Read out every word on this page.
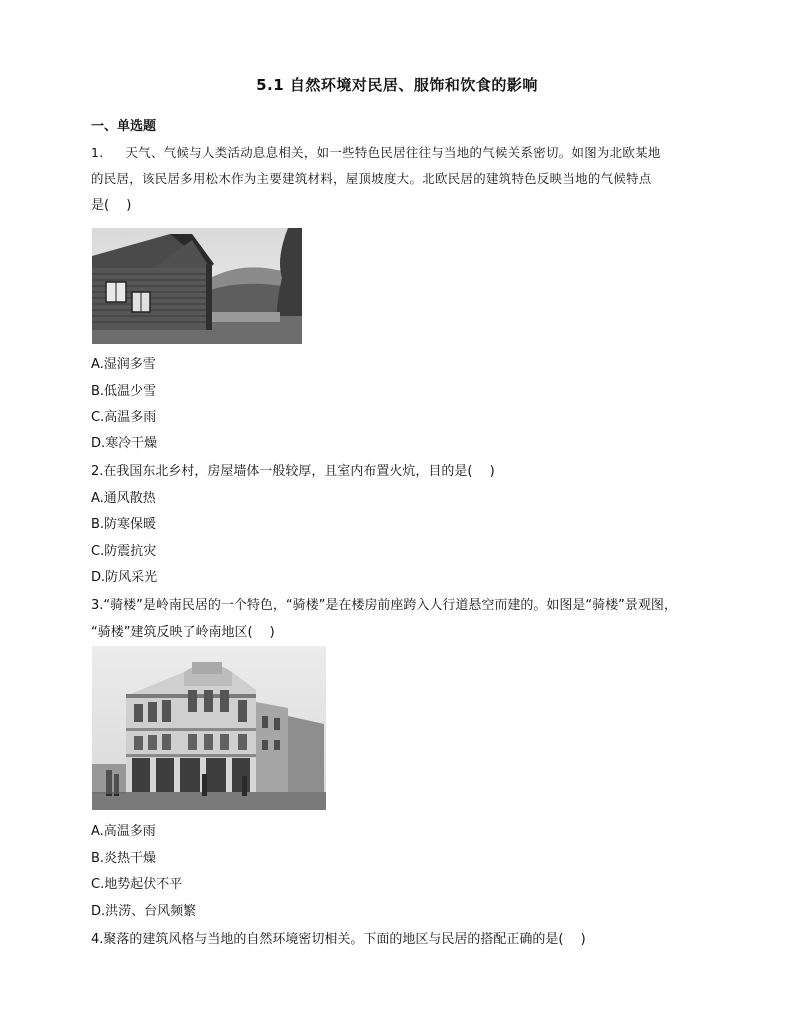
5.1 自然环境对民居、服饰和饮食的影响
一、单选题
1. 天气、气候与人类活动息息相关，如一些特色民居往往与当地的气候关系密切。如图为北欧某地
的民居，该民居多用松木作为主要建筑材料，屋顶坡度大。北欧民居的建筑特色反映当地的气候特点
是(　 )
A.湿润多雪
B.低温少雪
C.高温多雨
D.寒冷干燥
2.在我国东北乡村，房屋墙体一般较厚，且室内布置火炕，目的是(　 )
A.通风散热
B.防寒保暖
C.防震抗灾
D.防风采光
3.“骑楼”是岭南民居的一个特色，“骑楼”是在楼房前座跨入人行道悬空而建的。如图是“骑楼”景观图，
“骑楼”建筑反映了岭南地区(　 )
A.高温多雨
B.炎热干燥
C.地势起伏不平
D.洪涝、台风频繁
4.聚落的建筑风格与当地的自然环境密切相关。下面的地区与民居的搭配正确的是(　 )
